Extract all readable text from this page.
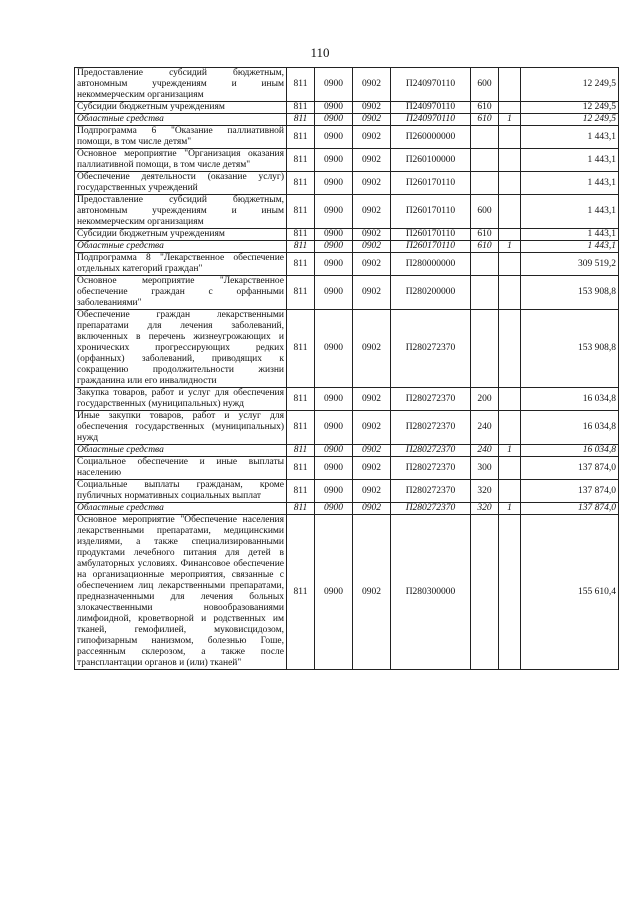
110
Предоставление субсидий бюджетным, автономным учреждениям и иным некоммерческим организациям	811	0900	0902	П240970110	600		12 249,5
Субсидии бюджетным учреждениям	811	0900	0902	П240970110	610		12 249,5
Областные средства	811	0900	0902	П240970110	610	1	12 249,5
Подпрограмма 6 "Оказание паллиативной помощи, в том числе детям"	811	0900	0902	П260000000			1 443,1
Основное мероприятие "Организация оказания паллиативной помощи, в том числе детям"	811	0900	0902	П260100000			1 443,1
Обеспечение деятельности (оказание услуг) государственных учреждений	811	0900	0902	П260170110			1 443,1
Предоставление субсидий бюджетным, автономным учреждениям и иным некоммерческим организациям	811	0900	0902	П260170110	600		1 443,1
Субсидии бюджетным учреждениям	811	0900	0902	П260170110	610		1 443,1
Областные средства	811	0900	0902	П260170110	610	1	1 443,1
Подпрограмма 8 "Лекарственное обеспечение отдельных категорий граждан"	811	0900	0902	П280000000			309 519,2
Основное мероприятие "Лекарственное обеспечение граждан с орфанными заболеваниями"	811	0900	0902	П280200000			153 908,8
Обеспечение граждан лекарственными препаратами для лечения заболеваний, включенных в перечень жизнеугрожающих и хронических прогрессирующих редких (орфанных) заболеваний, приводящих к сокращению продолжительности жизни гражданина или его инвалидности	811	0900	0902	П280272370			153 908,8
Закупка товаров, работ и услуг для обеспечения государственных (муниципальных) нужд	811	0900	0902	П280272370	200		16 034,8
Иные закупки товаров, работ и услуг для обеспечения государственных (муниципальных) нужд	811	0900	0902	П280272370	240		16 034,8
Областные средства	811	0900	0902	П280272370	240	1	16 034,8
Социальное обеспечение и иные выплаты населению	811	0900	0902	П280272370	300		137 874,0
Социальные выплаты гражданам, кроме публичных нормативных социальных выплат	811	0900	0902	П280272370	320		137 874,0
Областные средства	811	0900	0902	П280272370	320	1	137 874,0
Основное мероприятие "Обеспечение населения лекарственными препаратами, медицинскими изделиями, а также специализированными продуктами лечебного питания для детей в амбулаторных условиях. Финансовое обеспечение на организационные мероприятия, связанные с обеспечением лиц лекарственными препаратами, предназначенными для лечения больных злокачественными новообразованиями лимфоидной, кроветворной и родственных им тканей, гемофилией, муковисцидозом, гипофизарным нанизмом, болезнью Гоше, рассеянным склерозом, а также после трансплантации органов и (или) тканей"	811	0900	0902	П280300000			155 610,4
